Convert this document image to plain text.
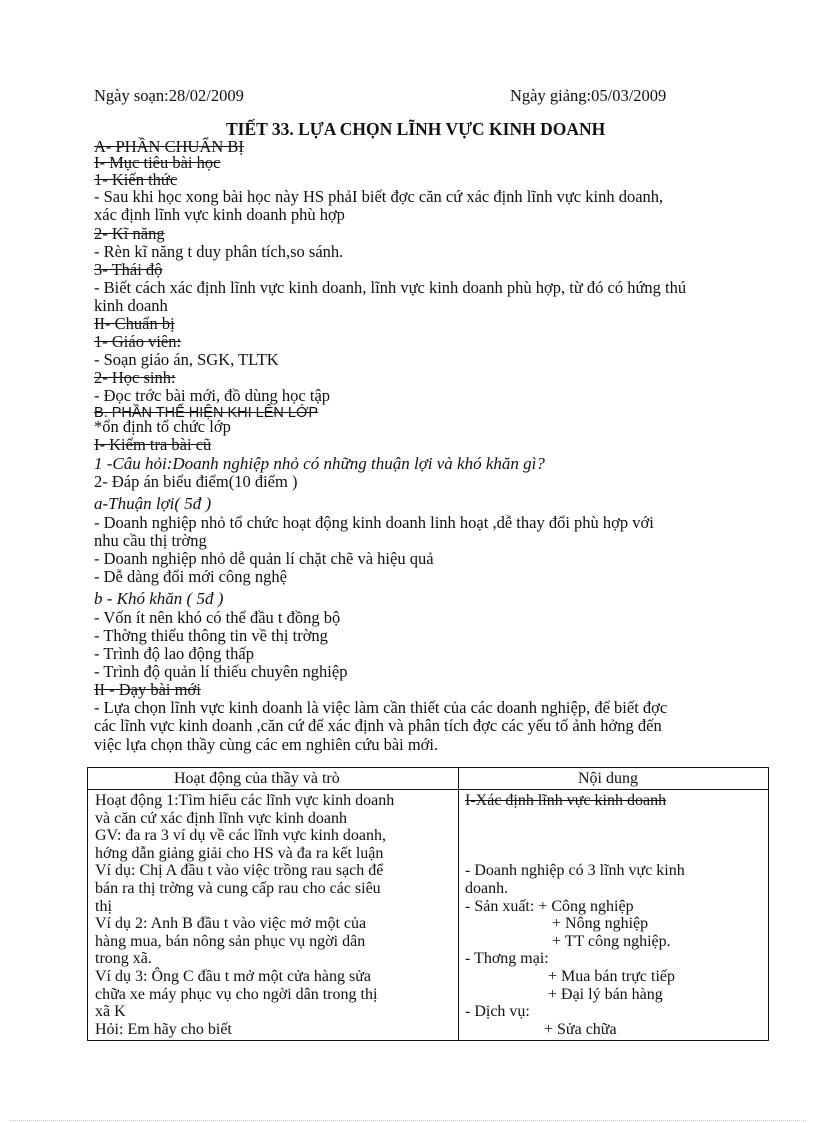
Ngày soạn:28/02/2009	Ngày giảng:05/03/2009
TIẾT 33. LỰA CHỌN LĨNH VỰC KINH DOANH
A- PHẦN CHUẨN BỊ
I- Mục tiêu bài học
1- Kiến thức
- Sau khi học xong bài học này HS phảI biết đợc căn cứ xác định lĩnh vực kinh doanh,
xác định lĩnh vực kinh doanh phù hợp
2- Kĩ năng
- Rèn kĩ năng t duy phân tích,so sánh.
3- Thái độ
- Biết cách xác định lĩnh vực kinh doanh, lĩnh vực kinh doanh phù hợp, từ đó có hứng thú
kinh doanh
II- Chuẩn bị
1- Giáo viên:
- Soạn giáo án, SGK, TLTK
2- Học sinh:
- Đọc trớc bài mới, đồ dùng học tập
B. PHẦN THỂ HIỆN KHI LÊN LỚP
*ổn định tổ chức lớp
I- Kiểm tra bài cũ
1 -Câu hỏi:Doanh nghiệp nhỏ có những thuận lợi và khó khăn gì?
2- Đáp án biểu điểm(10 điểm )
a-Thuận lợi( 5đ )
- Doanh nghiệp nhỏ tổ chức hoạt động kinh doanh linh hoạt ,dễ thay đổi phù hợp với
nhu cầu thị trờng
- Doanh nghiệp nhỏ dễ quản lí chặt chẽ và hiệu quả
- Dễ dàng đổi mới công nghệ
b - Khó khăn ( 5đ )
- Vốn ít nên khó có thể đầu t đồng bộ
- Thờng thiếu thông tin về thị trờng
- Trình độ lao động thấp
- Trình độ quản lí thiếu chuyên nghiệp
II - Dạy bài mới
- Lựa chọn lĩnh vực kinh doanh là việc làm cần thiết của các doanh nghiệp, để biết đợc
các lĩnh vực kinh doanh ,căn cứ để xác định và phân tích đợc các yếu tố ảnh hởng đến
việc lựa chọn thầy cùng các em nghiên cứu bài mới.
Hoạt động của thầy và trò	Nội dung
Hoạt động 1:Tìm hiểu các lĩnh vực kinh doanh
và căn cứ xác định lĩnh vực kinh doanh
GV: đa ra 3 ví dụ về các lĩnh vực kinh doanh,
hớng dẫn giảng giải cho HS và đa ra kết luận
Ví dụ: Chị A đầu t vào việc trồng rau sạch để
bán ra thị trờng và cung cấp rau cho các siêu
thị
Ví dụ 2: Anh B đầu t vào việc mở một của
hàng mua, bán nông sản phục vụ ngời dân
trong xã.
Ví dụ 3: Ông C đầu t mở một cửa hàng sửa
chữa xe máy phục vụ cho ngời dân trong thị
xã K
Hỏi: Em hãy cho biết
I-Xác định lĩnh vực kinh doanh
- Doanh nghiệp có 3 lĩnh vực kinh
doanh.
- Sản xuất: + Công nghiệp
+ Nông nghiệp
+ TT công nghiệp.
- Thơng mại:
+ Mua bán trực tiếp
+ Đại lý bán hàng
- Dịch vụ:
+ Sửa chữa
